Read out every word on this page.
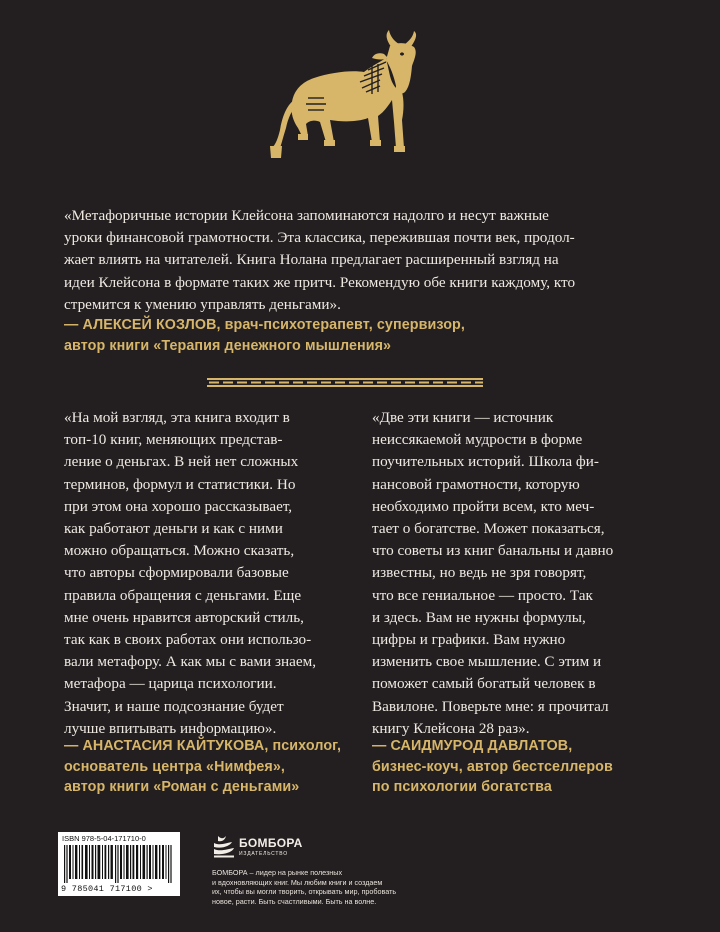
«Метафоричные истории Клейсона запоминаются надолго и несут важные
уроки финансовой грамотности. Эта классика, пережившая почти век, продол-
жает влиять на читателей. Книга Нолана предлагает расширенный взгляд на
идеи Клейсона в формате таких же притч. Рекомендую обе книги каждому, кто
стремится к умению управлять деньгами».
— АЛЕКСЕЙ КОЗЛОВ, врач-психотерапевт, супервизор,
автор книги «Терапия денежного мышления»
«На мой взгляд, эта книга входит в
топ-10 книг, меняющих представ-
ление о деньгах. В ней нет сложных
терминов, формул и статистики. Но
при этом она хорошо рассказывает,
как работают деньги и как с ними
можно обращаться. Можно сказать,
что авторы сформировали базовые
правила обращения с деньгами. Еще
мне очень нравится авторский стиль,
так как в своих работах они использо-
вали метафору. А как мы с вами знаем,
метафора — царица психологии.
Значит, и наше подсознание будет
лучше впитывать информацию».
— АНАСТАСИЯ КАЙТУКОВА, психолог,
основатель центра «Нимфея»,
автор книги «Роман с деньгами»
«Две эти книги — источник
неиссякаемой мудрости в форме
поучительных историй. Школа фи-
нансовой грамотности, которую
необходимо пройти всем, кто меч-
тает о богатстве. Может показаться,
что советы из книг банальны и давно
известны, но ведь не зря говорят,
что все гениальное — просто. Так
и здесь. Вам не нужны формулы,
цифры и графики. Вам нужно
изменить свое мышление. С этим и
поможет самый богатый человек в
Вавилоне. Поверьте мне: я прочитал
книгу Клейсона 28 раз».
— САИДМУРОД ДАВЛАТОВ,
бизнес-коуч, автор бестселлеров
по психологии богатства
ISBN 978-5-04-171710-0
9 785041 717100 >
БОМБОРА
ИЗДАТЕЛЬСТВО
БОМБОРА – лидер на рынке полезных
и вдохновляющих книг. Мы любим книги и создаем
их, чтобы вы могли творить, открывать мир, пробовать
новое, расти. Быть счастливыми. Быть на волне.
